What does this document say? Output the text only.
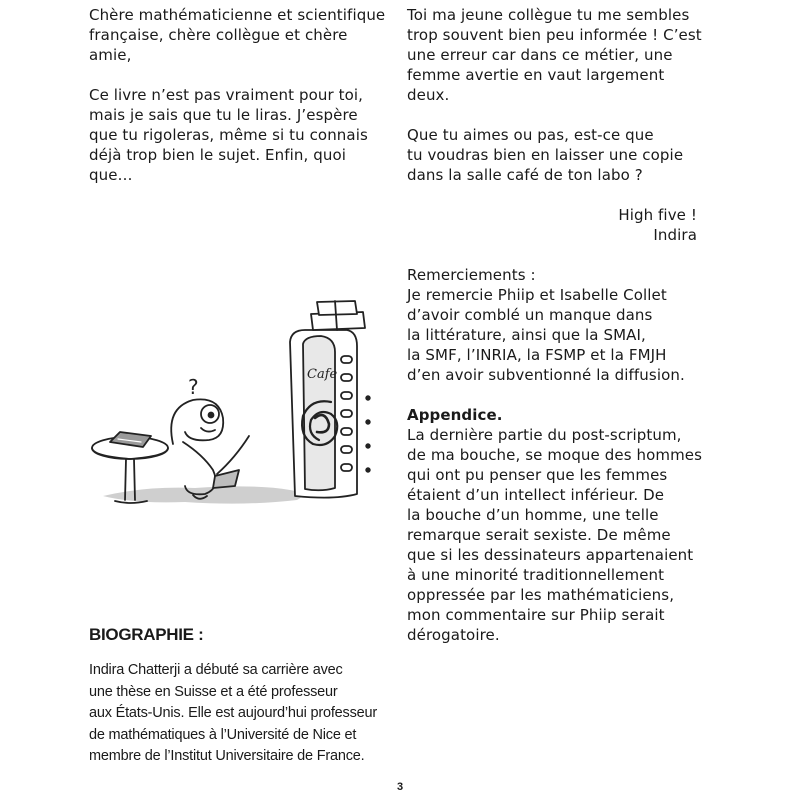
Chère mathématicienne et scientifique

française, chère collègue et chère

amie,

Ce livre n’est pas vraiment pour toi,

mais je sais que tu le liras. J’espère

que tu rigoleras, même si tu connais

déjà trop bien le sujet. Enfin, quoi que…

Toi ma jeune collègue tu me sembles

trop souvent bien peu informée ! C’est

une erreur car dans ce métier, une

femme avertie en vaut largement deux.

Que tu aimes ou pas, est-ce que

tu voudras bien en laisser une copie

dans la salle café de ton labo ?

High five !

Indira

Remerciements :

Je remercie Phiip et Isabelle Collet

d’avoir comblé un manque dans

la littérature, ainsi que la SMAI,

la SMF, l’INRIA, la FSMP et la FMJH

d’en avoir subventionné la diffusion.

Appendice.

La dernière partie du post-scriptum,

de ma bouche, se moque des hommes

qui ont pu penser que les femmes

étaient d’un intellect inférieur. De

la bouche d’un homme, une telle

remarque serait sexiste. De même

que si les dessinateurs appartenaient

à une minorité traditionnellement

oppressée par les mathématiciens,

mon commentaire sur Phiip serait

dérogatoire.

?
Cafe

BIOGRAPHIE :

Indira Chatterji a débuté sa carrière avec
une thèse en Suisse et a été professeur
aux États-Unis. Elle est aujourd’hui professeur
de mathématiques à l’Université de Nice et
membre de l’Institut Universitaire de France.

3
